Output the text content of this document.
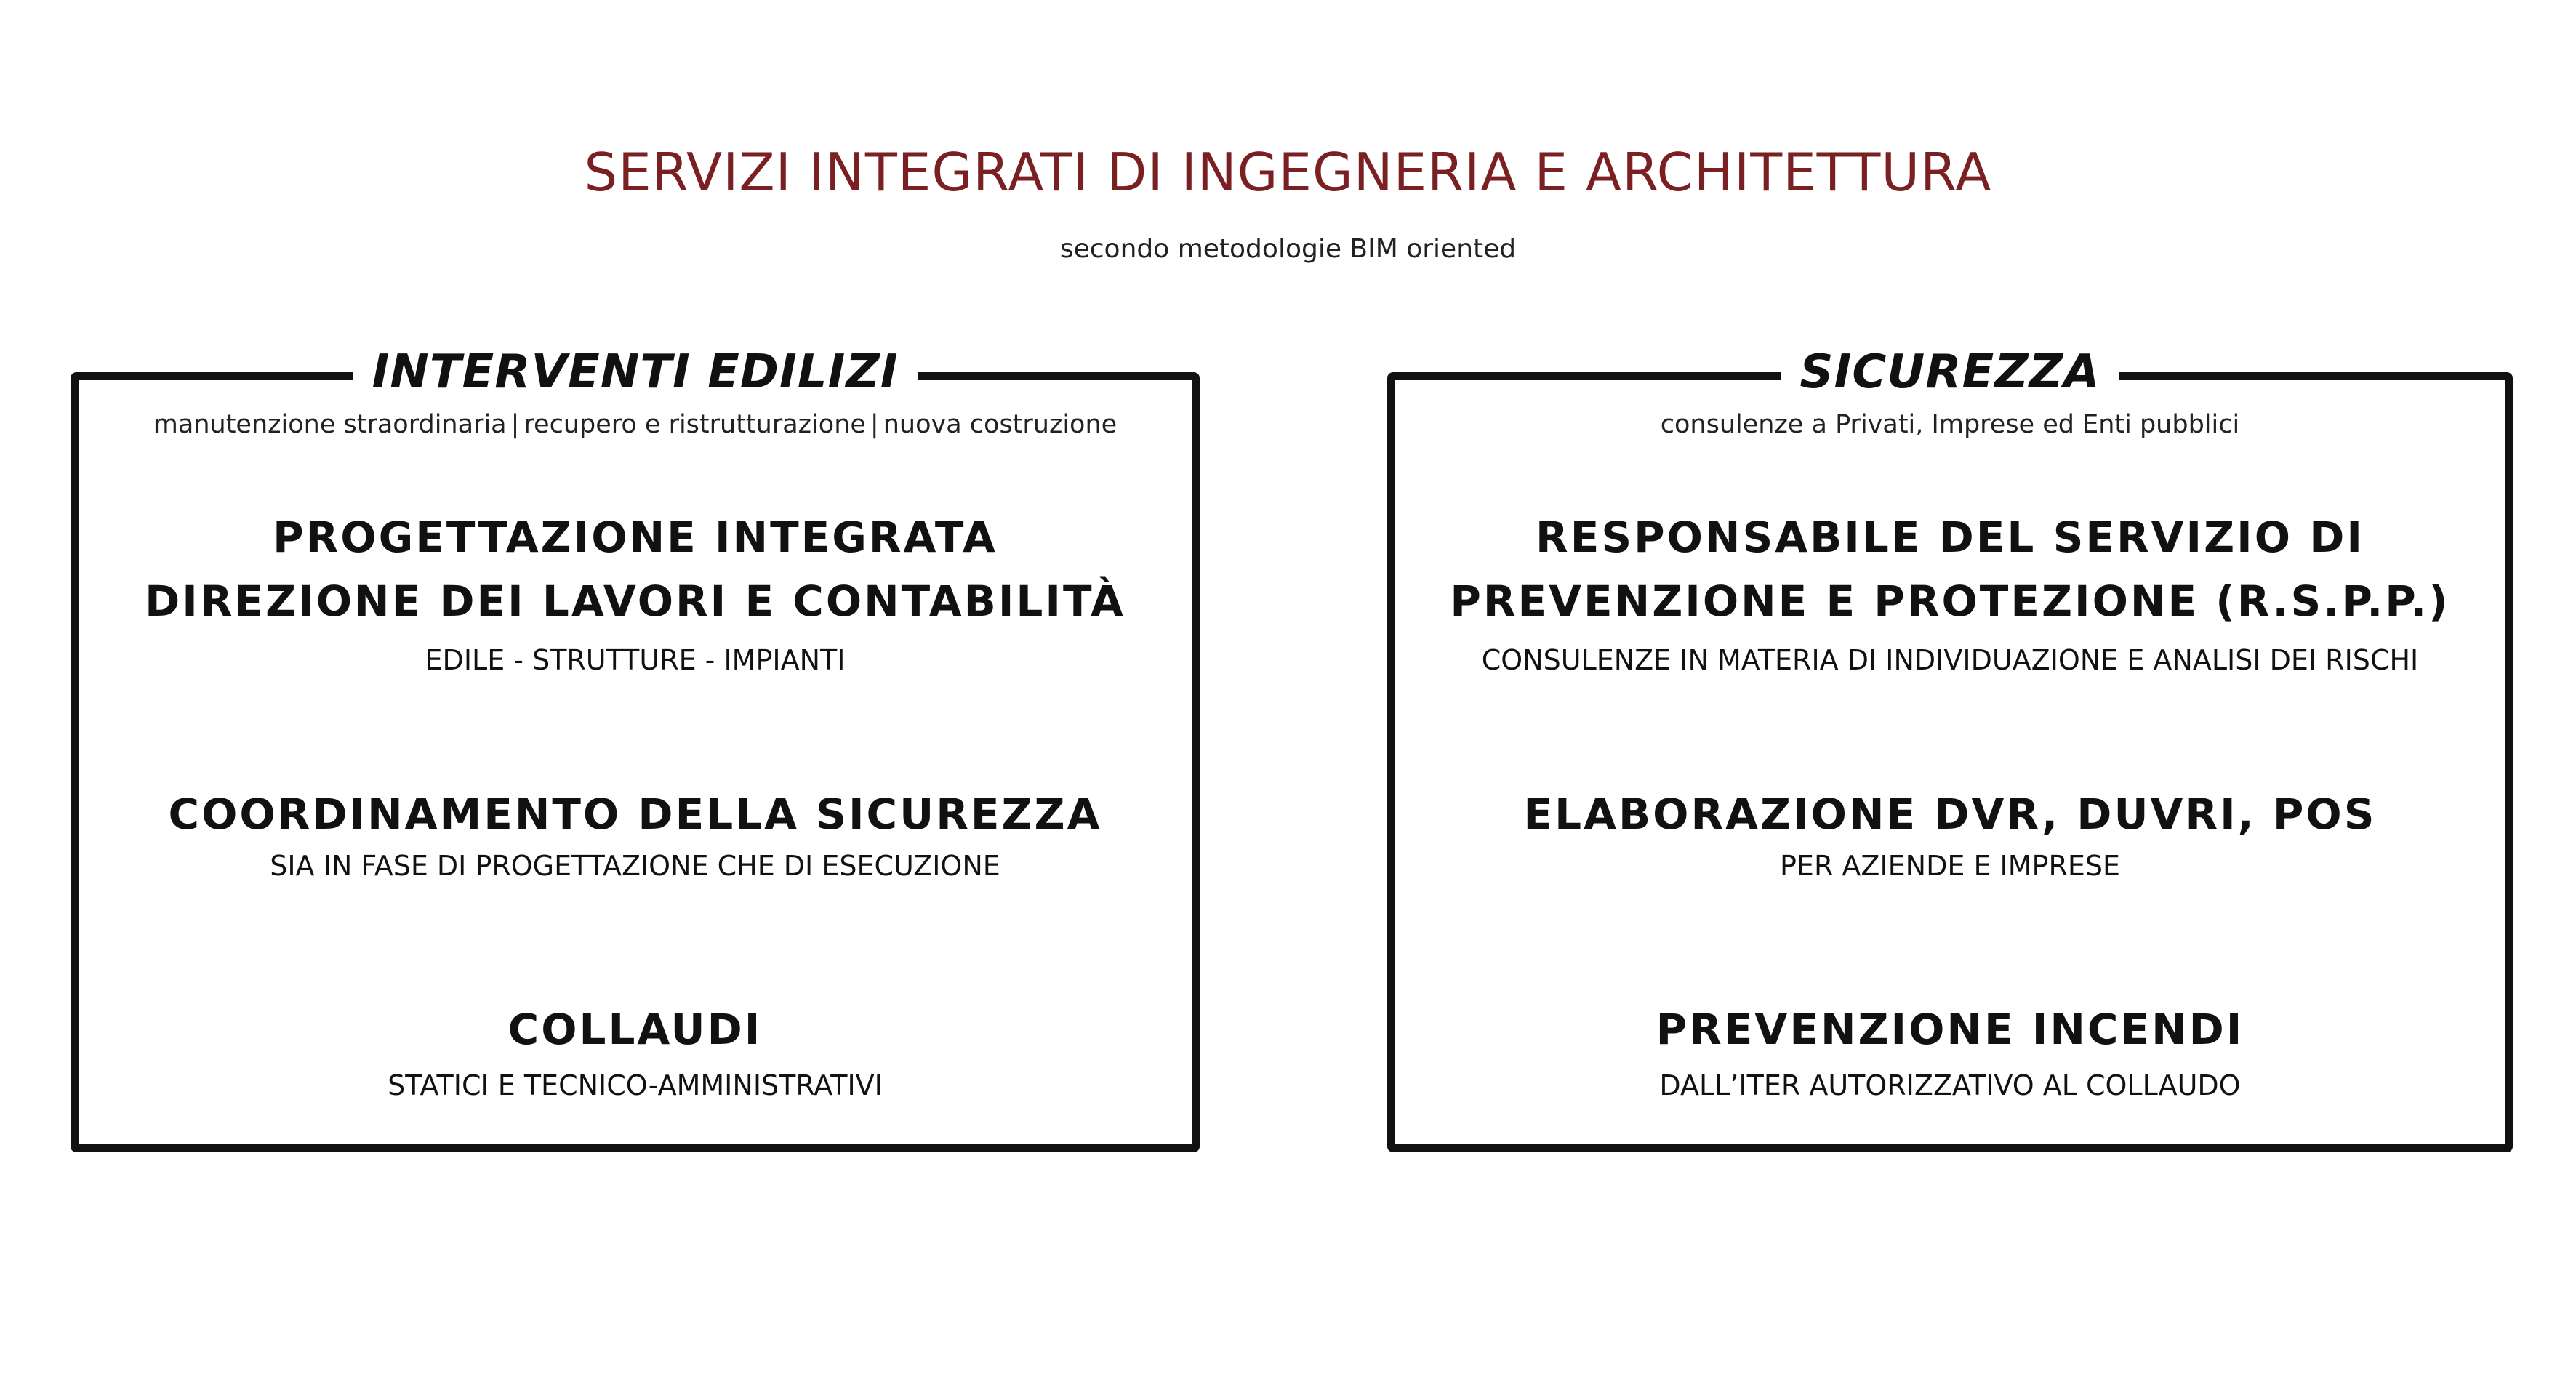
SERVIZI INTEGRATI DI INGEGNERIA E ARCHITETTURA
secondo metodologie BIM oriented
INTERVENTI EDILIZI
manutenzione straordinaria | recupero e ristrutturazione | nuova costruzione
PROGETTAZIONE INTEGRATA
DIREZIONE DEI LAVORI E CONTABILITÀ
EDILE - STRUTTURE - IMPIANTI
COORDINAMENTO DELLA SICUREZZA
SIA IN FASE DI PROGETTAZIONE CHE DI ESECUZIONE
COLLAUDI
STATICI E TECNICO-AMMINISTRATIVI
SICUREZZA
consulenze a Privati, Imprese ed Enti pubblici
RESPONSABILE DEL SERVIZIO DI
PREVENZIONE E PROTEZIONE (R.S.P.P.)
CONSULENZE IN MATERIA DI INDIVIDUAZIONE E ANALISI DEI RISCHI
ELABORAZIONE DVR, DUVRI, POS
PER AZIENDE E IMPRESE
PREVENZIONE INCENDI
DALL’ITER AUTORIZZATIVO AL COLLAUDO
